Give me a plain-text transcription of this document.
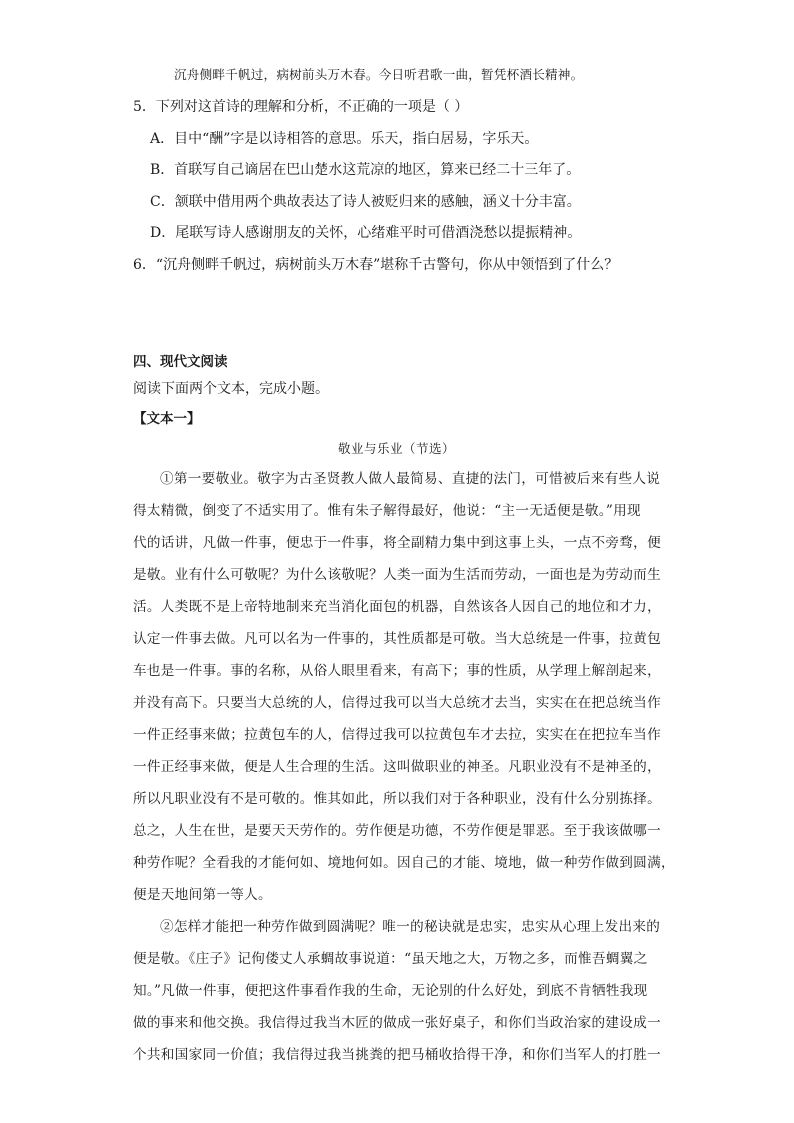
沉舟侧畔千帆过，病树前头万木春。今日听君歌一曲，暂凭杯酒长精神。
5．下列对这首诗的理解和分析，不正确的一项是（ ）
A．目中“酬”字是以诗相答的意思。乐天，指白居易，字乐天。
B．首联写自己谪居在巴山楚水这荒凉的地区，算来已经二十三年了。
C．颔联中借用两个典故表达了诗人被贬归来的感触，涵义十分丰富。
D．尾联写诗人感谢朋友的关怀，心绪难平时可借酒浇愁以提振精神。
6．“沉舟侧畔千帆过，病树前头万木春”堪称千古警句，你从中领悟到了什么？
四、现代文阅读
阅读下面两个文本，完成小题。
【文本一】
敬业与乐业（节选）
①第一要敬业。敬字为古圣贤教人做人最简易、直捷的法门，可惜被后来有些人说
得太精微，倒变了不适实用了。惟有朱子解得最好，他说：“主一无适便是敬。”用现
代的话讲，凡做一件事，便忠于一件事，将全副精力集中到这事上头，一点不旁骛，便
是敬。业有什么可敬呢？为什么该敬呢？人类一面为生活而劳动，一面也是为劳动而生
活。人类既不是上帝特地制来充当消化面包的机器，自然该各人因自己的地位和才力，
认定一件事去做。凡可以名为一件事的，其性质都是可敬。当大总统是一件事，拉黄包
车也是一件事。事的名称，从俗人眼里看来，有高下；事的性质，从学理上解剖起来，
并没有高下。只要当大总统的人，信得过我可以当大总统才去当，实实在在把总统当作
一件正经事来做；拉黄包车的人，信得过我可以拉黄包车才去拉，实实在在把拉车当作
一件正经事来做，便是人生合理的生活。这叫做职业的神圣。凡职业没有不是神圣的，
所以凡职业没有不是可敬的。惟其如此，所以我们对于各种职业，没有什么分别拣择。
总之，人生在世，是要天天劳作的。劳作便是功德，不劳作便是罪恶。至于我该做哪一
种劳作呢？全看我的才能何如、境地何如。因自己的才能、境地，做一种劳作做到圆满，
便是天地间第一等人。
②怎样才能把一种劳作做到圆满呢？唯一的秘诀就是忠实，忠实从心理上发出来的
便是敬。《庄子》记佝偻丈人承蜩故事说道：“虽天地之大，万物之多，而惟吾蜩翼之
知。”凡做一件事，便把这件事看作我的生命，无论别的什么好处，到底不肯牺牲我现
做的事来和他交换。我信得过我当木匠的做成一张好桌子，和你们当政治家的建设成一
个共和国家同一价值；我信得过我当挑粪的把马桶收拾得干净，和你们当军人的打胜一
